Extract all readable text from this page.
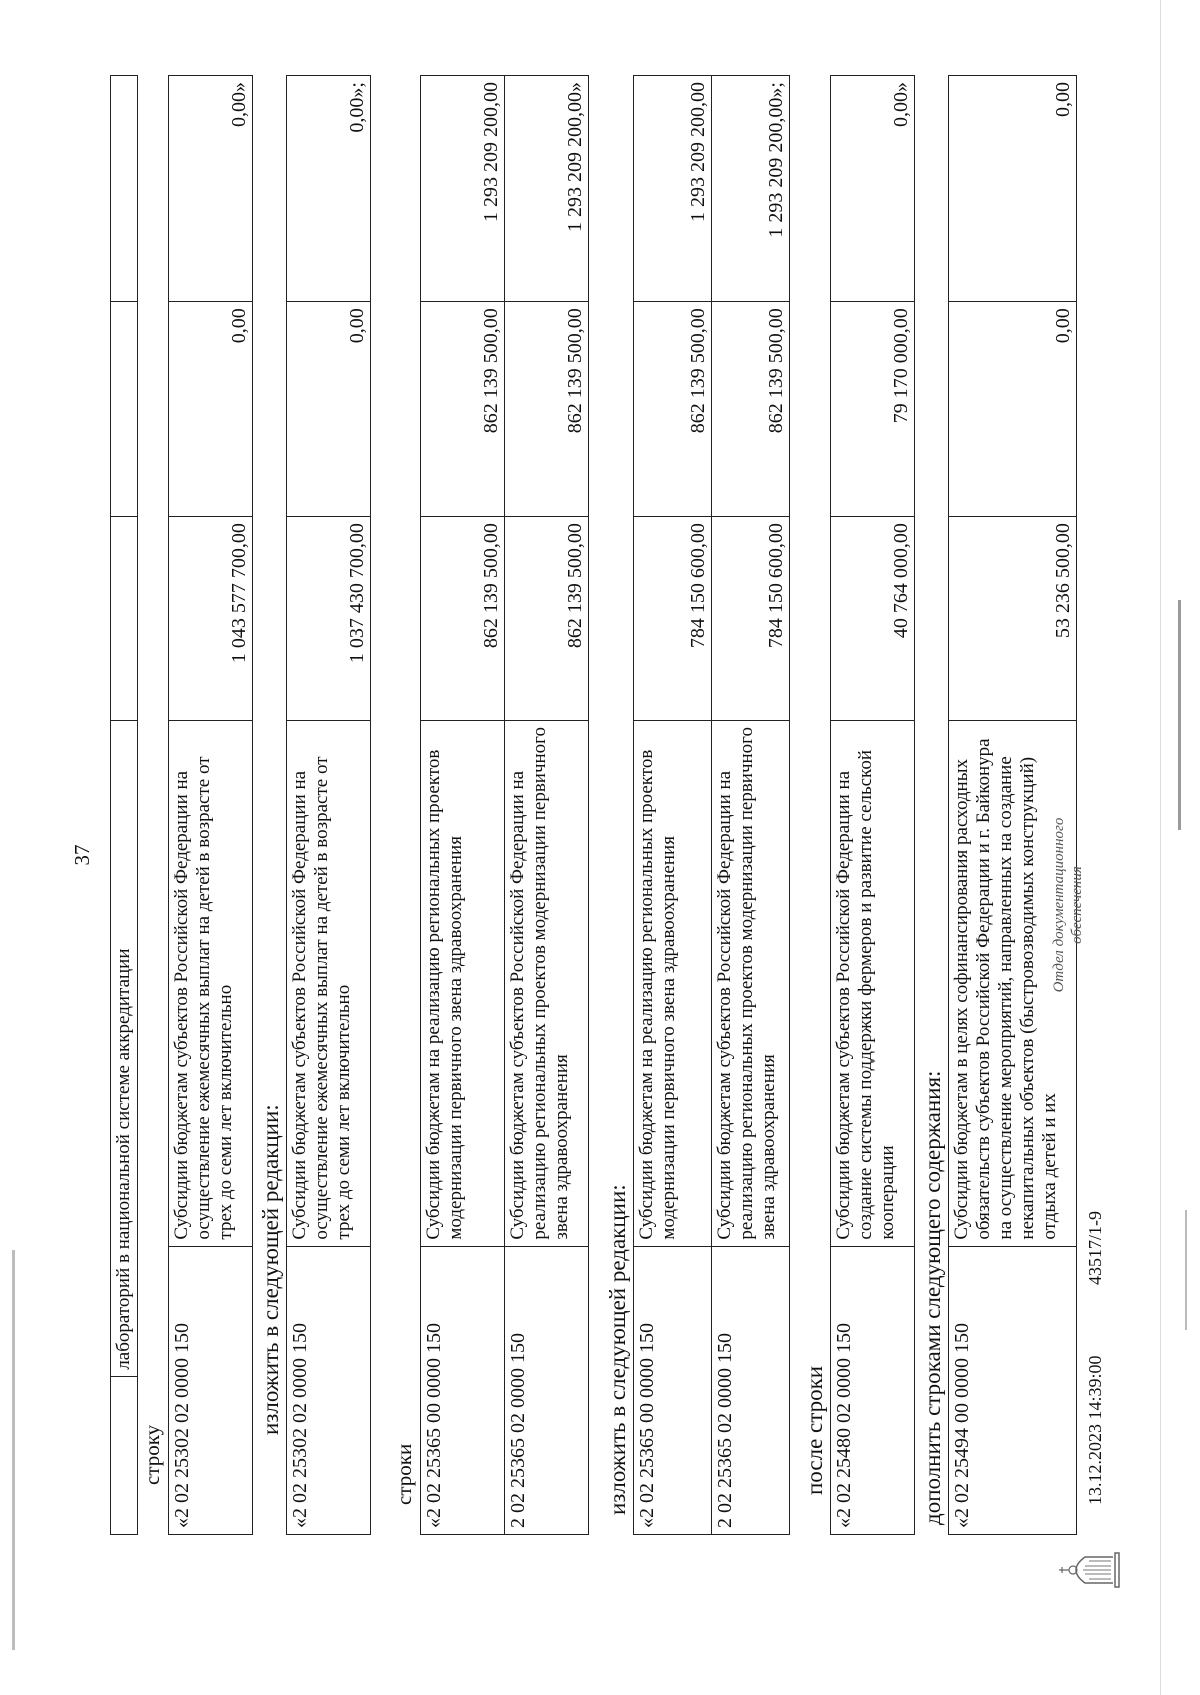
37
	лабораторий в национальной системе аккредитации			
строку «2 02 25302 02 0000 150	Субсидии бюджетам субъектов Российской Федерации на осуществление ежемесячных выплат на детей в возрасте от трех до семи лет включительно	1 043 577 700,00	0,00	0,00»
изложить в следующей редакции: «2 02 25302 02 0000 150	Субсидии бюджетам субъектов Российской Федерации на осуществление ежемесячных выплат на детей в возрасте от трех до семи лет включительно	1 037 430 700,00	0,00	0,00»;
строки «2 02 25365 00 0000 150	Субсидии бюджетам на реализацию региональных проектов модернизации первичного звена здравоохранения	862 139 500,00	862 139 500,00	1 293 209 200,00
2 02 25365 02 0000 150	Субсидии бюджетам субъектов Российской Федерации на реализацию региональных проектов модернизации первичного звена здравоохранения	862 139 500,00	862 139 500,00	1 293 209 200,00»
изложить в следующей редакции: «2 02 25365 00 0000 150	Субсидии бюджетам на реализацию региональных проектов модернизации первичного звена здравоохранения	784 150 600,00	862 139 500,00	1 293 209 200,00
2 02 25365 02 0000 150	Субсидии бюджетам субъектов Российской Федерации на реализацию региональных проектов модернизации первичного звена здравоохранения	784 150 600,00	862 139 500,00	1 293 209 200,00»;
после строки «2 02 25480 02 0000 150	Субсидии бюджетам субъектов Российской Федерации на создание системы поддержки фермеров и развитие сельской кооперации	40 764 000,00	79 170 000,00	0,00»
дополнить строками следующего содержания: «2 02 25494 00 0000 150	Субсидии бюджетам в целях софинансирования расходных обязательств субъектов Российской Федерации и г. Байконура на осуществление мероприятий, направленных на создание некапитальных объектов (быстровозводимых конструкций) отдыха детей и их	53 236 500,00	0,00	0,00
13.12.2023 14:39:00
43517/1-9
Отдел документационного обеспечения
